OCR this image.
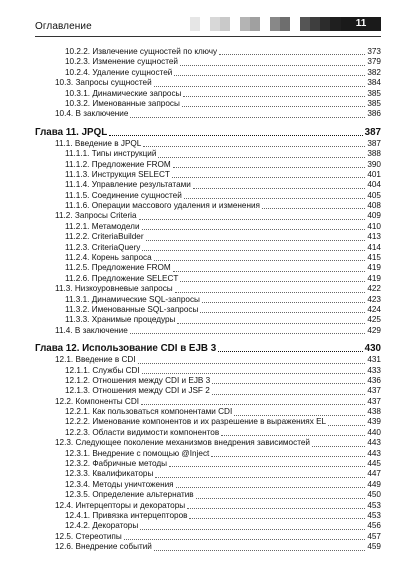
Оглавление	11
10.2.2. Извлечение сущностей по ключу	373
10.2.3. Изменение сущностей	379
10.2.4. Удаление сущностей	382
10.3. Запросы сущностей	384
10.3.1. Динамические запросы	385
10.3.2. Именованные запросы	385
10.4. В заключение	386
Глава 11. JPQL	387
11.1. Введение в JPQL	387
11.1.1. Типы инструкций	388
11.1.2. Предложение FROM	390
11.1.3. Инструкция SELECT	401
11.1.4. Управление результатами	404
11.1.5. Соединение сущностей	405
11.1.6. Операции массового удаления и изменения	408
11.2. Запросы Criteria	409
11.2.1. Метамодели	410
11.2.2. CriteriaBuilder	413
11.2.3. CriteriaQuery	414
11.2.4. Корень запроса	415
11.2.5. Предложение FROM	419
11.2.6. Предложение SELECT	419
11.3. Низкоуровневые запросы	422
11.3.1. Динамические SQL-запросы	423
11.3.2. Именованные SQL-запросы	424
11.3.3. Хранимые процедуры	425
11.4. В заключение	429
Глава 12. Использование CDI в EJB 3	430
12.1. Введение в CDI	431
12.1.1. Службы CDI	433
12.1.2. Отношения между CDI и EJB 3	436
12.1.3. Отношения между CDI и JSF 2	437
12.2. Компоненты CDI	437
12.2.1. Как пользоваться компонентами CDI	438
12.2.2. Именование компонентов и их разрешение в выражениях EL	439
12.2.3. Области видимости компонентов	440
12.3. Следующее поколение механизмов внедрения зависимостей	443
12.3.1. Внедрение с помощью @Inject	443
12.3.2. Фабричные методы	445
12.3.3. Квалификаторы	447
12.3.4. Методы уничтожения	449
12.3.5. Определение альтернатив	450
12.4. Интерцепторы и декораторы	453
12.4.1. Привязка интерцепторов	453
12.4.2. Декораторы	456
12.5. Стереотипы	457
12.6. Внедрение событий	459
